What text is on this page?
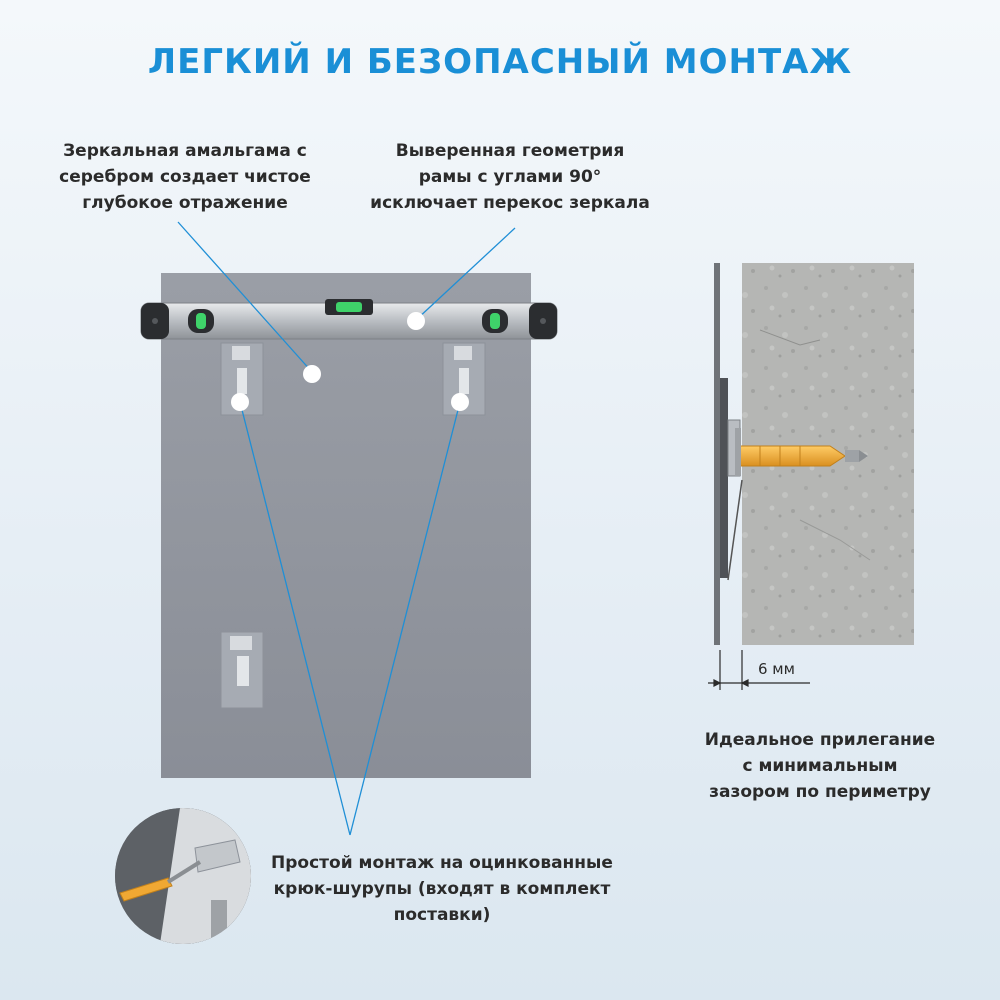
ЛЕГКИЙ И БЕЗОПАСНЫЙ МОНТАЖ
Зеркальная амальгама с
серебром создает чистое
глубокое отражение
Выверенная геометрия
рамы с углами 90°
исключает перекос зеркала
Идеальное прилегание
с минимальным
зазором по периметру
Простой монтаж на оцинкованные
крюк-шурупы (входят в комплект
поставки)
6 мм
